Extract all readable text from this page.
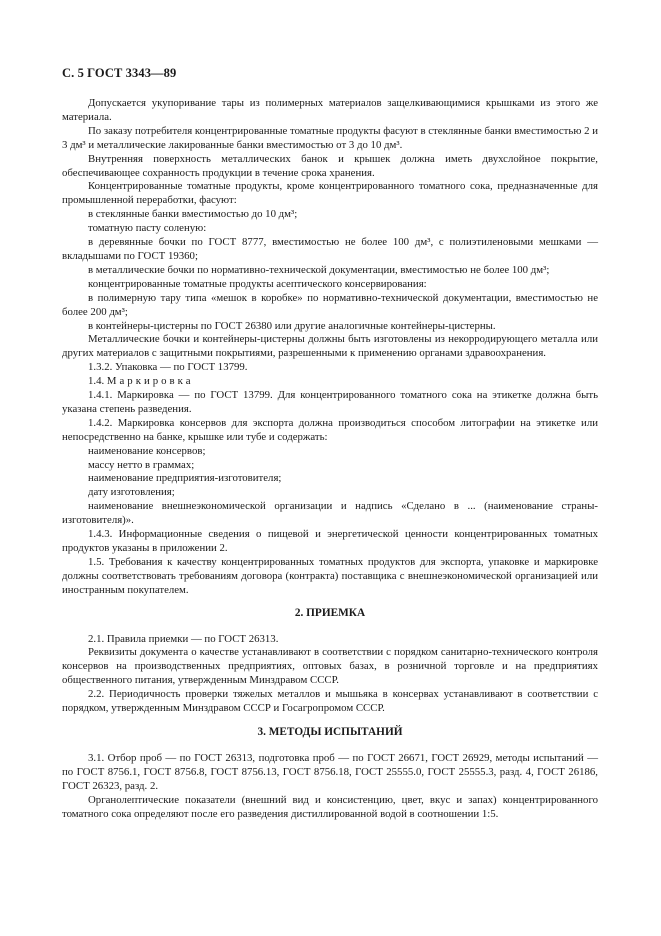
С. 5 ГОСТ 3343—89

Допускается укупоривание тары из полимерных материалов защелкивающимися крышками из этого же материала.

По заказу потребителя концентрированные томатные продукты фасуют в стеклянные банки вместимостью 2 и 3 дм³ и металлические лакированные банки вместимостью от 3 до 10 дм³.

Внутренняя поверхность металлических банок и крышек должна иметь двухслойное покрытие, обеспечивающее сохранность продукции в течение срока хранения.

Концентрированные томатные продукты, кроме концентрированного томатного сока, предназначенные для промышленной переработки, фасуют:

в стеклянные банки вместимостью до 10 дм³;

томатную пасту соленую:

в деревянные бочки по ГОСТ 8777, вместимостью не более 100 дм³, с полиэтиленовыми мешками — вкладышами по ГОСТ 19360;

в металлические бочки по нормативно-технической документации, вместимостью не более 100 дм³;

концентрированные томатные продукты асептического консервирования:

в полимерную тару типа «мешок в коробке» по нормативно-технической документации, вместимостью не более 200 дм³;

в контейнеры-цистерны по ГОСТ 26380 или другие аналогичные контейнеры-цистерны.

Металлические бочки и контейнеры-цистерны должны быть изготовлены из некорродирующего металла или других материалов с защитными покрытиями, разрешенными к применению органами здравоохранения.

1.3.2. Упаковка — по ГОСТ 13799.

1.4. Маркировка

1.4.1. Маркировка — по ГОСТ 13799. Для концентрированного томатного сока на этикетке должна быть указана степень разведения.

1.4.2. Маркировка консервов для экспорта должна производиться способом литографии на этикетке или непосредственно на банке, крышке или тубе и содержать:

наименование консервов;

массу нетто в граммах;

наименование предприятия-изготовителя;

дату изготовления;

наименование внешнеэкономической организации и надпись «Сделано в ... (наименование страны-изготовителя)».

1.4.3. Информационные сведения о пищевой и энергетической ценности концентрированных томатных продуктов указаны в приложении 2.

1.5. Требования к качеству концентрированных томатных продуктов для экспорта, упаковке и маркировке должны соответствовать требованиям договора (контракта) поставщика с внешнеэкономической организацией или иностранным покупателем.

2. ПРИЕМКА

2.1. Правила приемки — по ГОСТ 26313.

Реквизиты документа о качестве устанавливают в соответствии с порядком санитарно-технического контроля консервов на производственных предприятиях, оптовых базах, в розничной торговле и на предприятиях общественного питания, утвержденным Минздравом СССР.

2.2. Периодичность проверки тяжелых металлов и мышьяка в консервах устанавливают в соответствии с порядком, утвержденным Минздравом СССР и Госагропромом СССР.

3. МЕТОДЫ ИСПЫТАНИЙ

3.1. Отбор проб — по ГОСТ 26313, подготовка проб — по ГОСТ 26671, ГОСТ 26929, методы испытаний — по ГОСТ 8756.1, ГОСТ 8756.8, ГОСТ 8756.13, ГОСТ 8756.18, ГОСТ 25555.0, ГОСТ 25555.3, разд. 4, ГОСТ 26186, ГОСТ 26323, разд. 2.

Органолептические показатели (внешний вид и консистенцию, цвет, вкус и запах) концентрированного томатного сока определяют после его разведения дистиллированной водой в соотношении 1:5.
